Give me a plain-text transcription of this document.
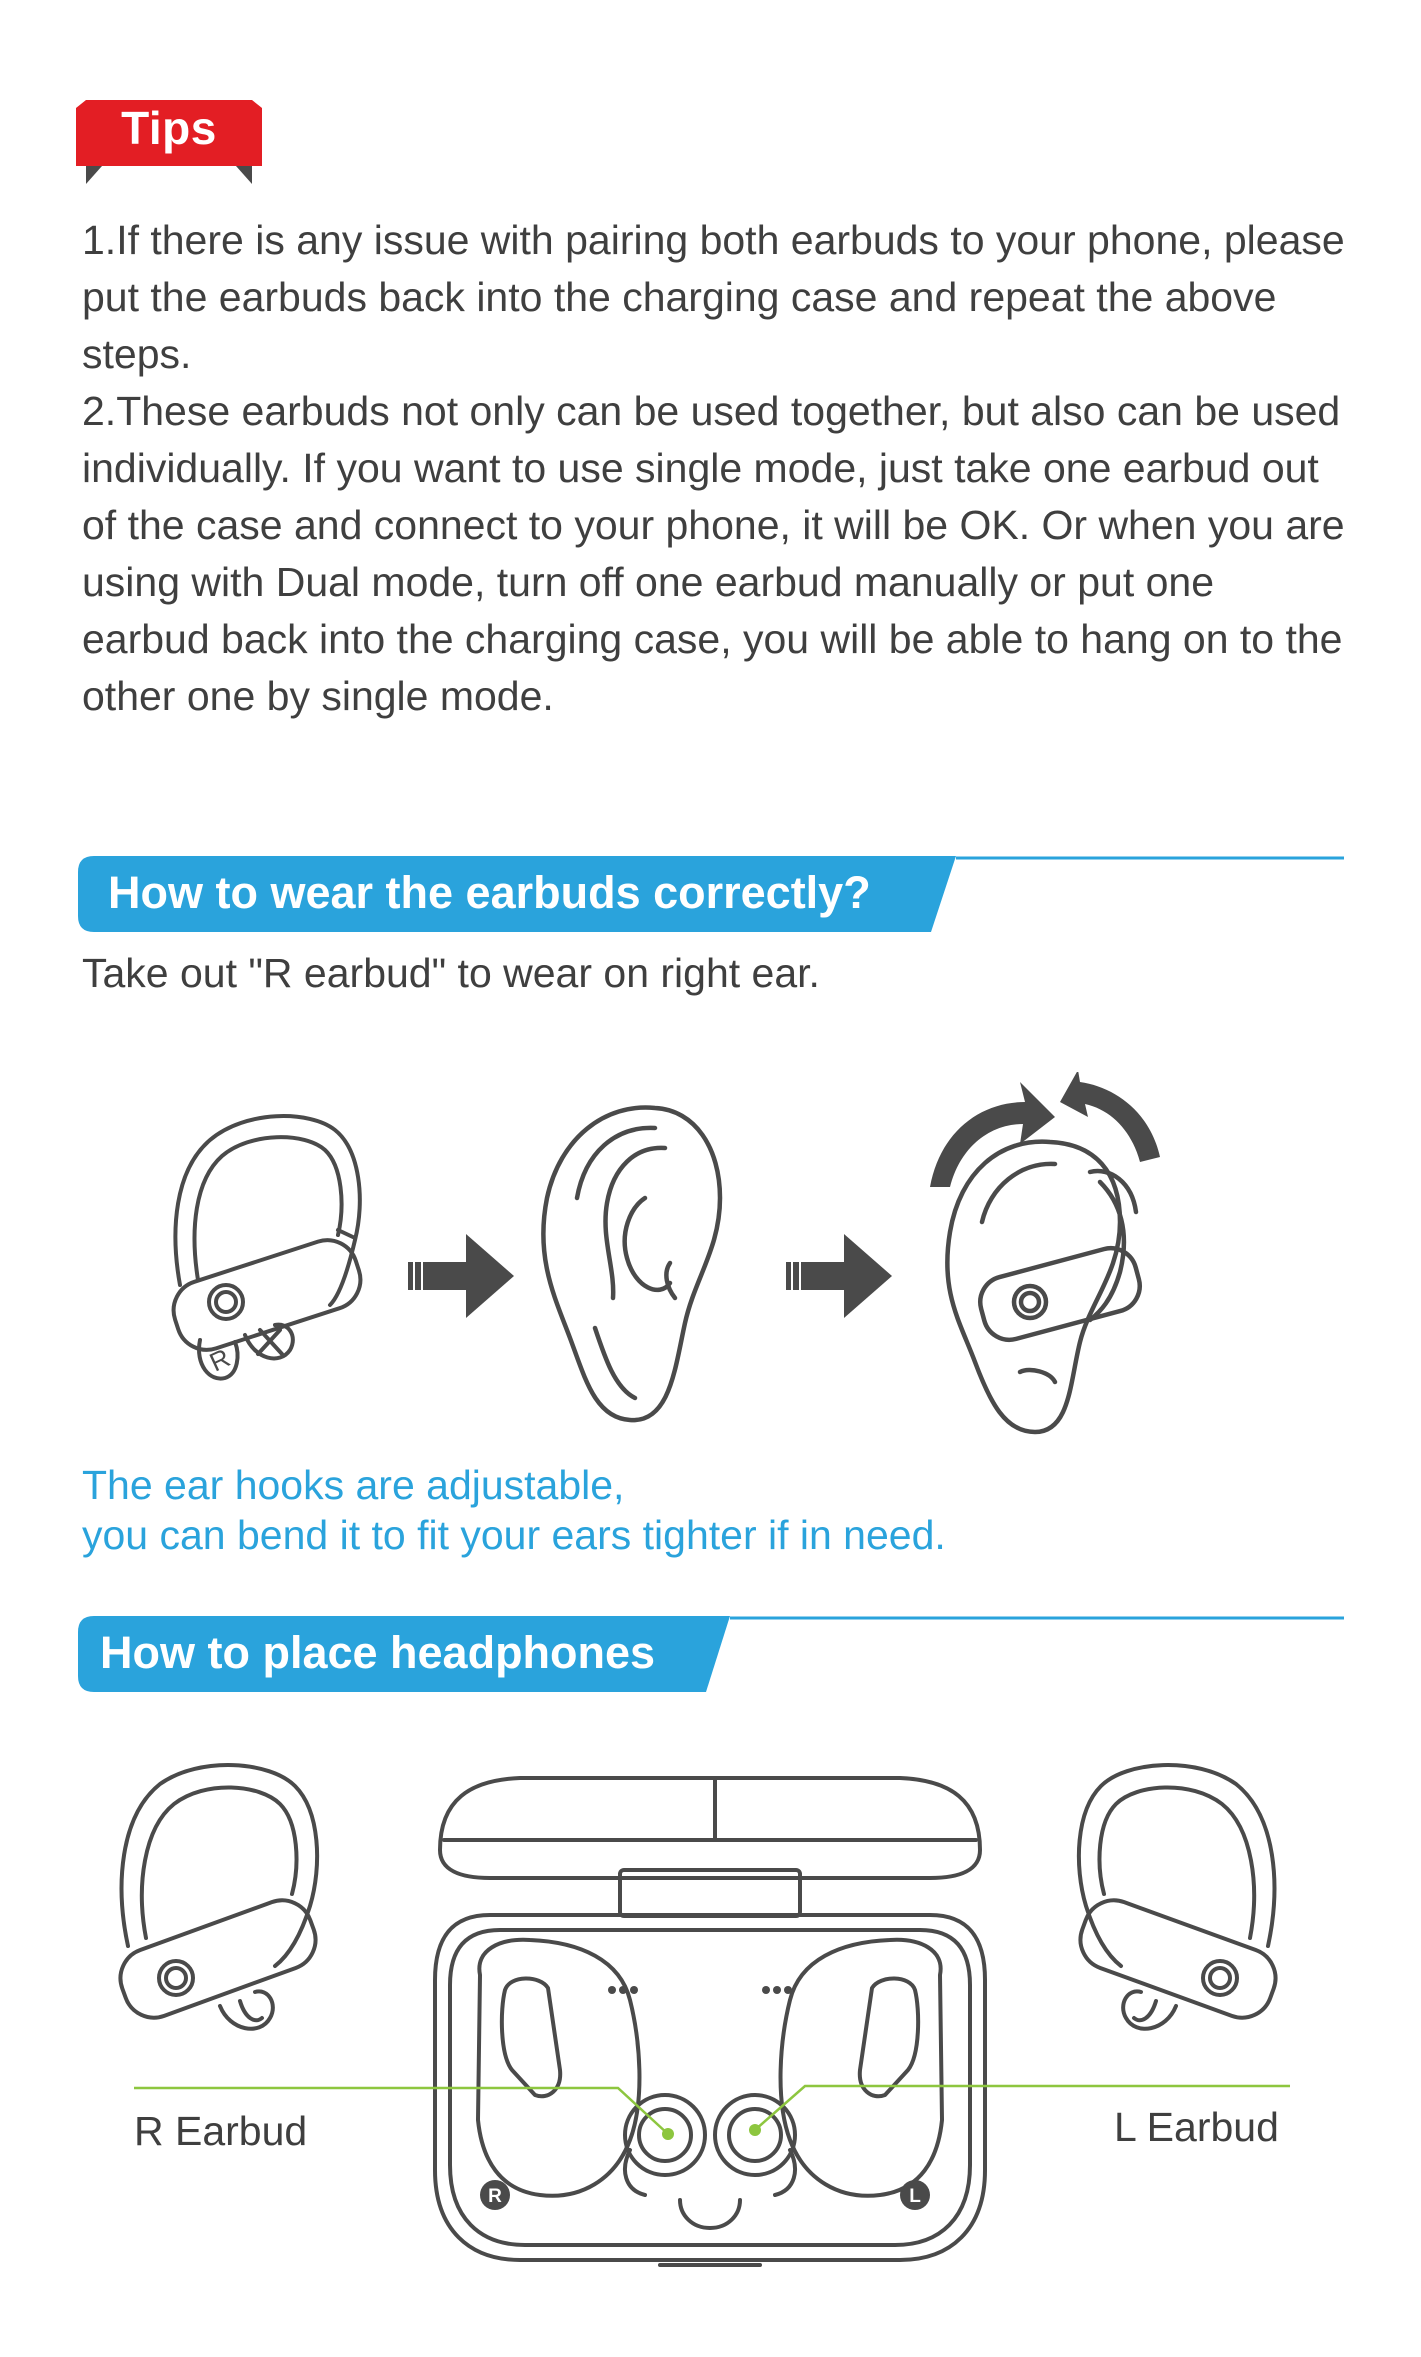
Tips

1.If there is any issue with pairing both earbuds to your phone, please put the earbuds back into the charging case and repeat the above steps.

2.These earbuds not only can be used together, but also can be used individually. If you want to use single mode, just take one earbud out of the case and connect to your phone, it will be OK. Or when you are using with Dual mode, turn off one earbud manually or put one earbud back into the charging case, you will be able to hang on to the other one by single mode.

How to wear the earbuds correctly?

Take out "R earbud" to wear on right ear.

R

The ear hooks are adjustable,
you can bend it to fit your ears tighter if in need.

How to place headphones
R	L

R Earbud	L Earbud
